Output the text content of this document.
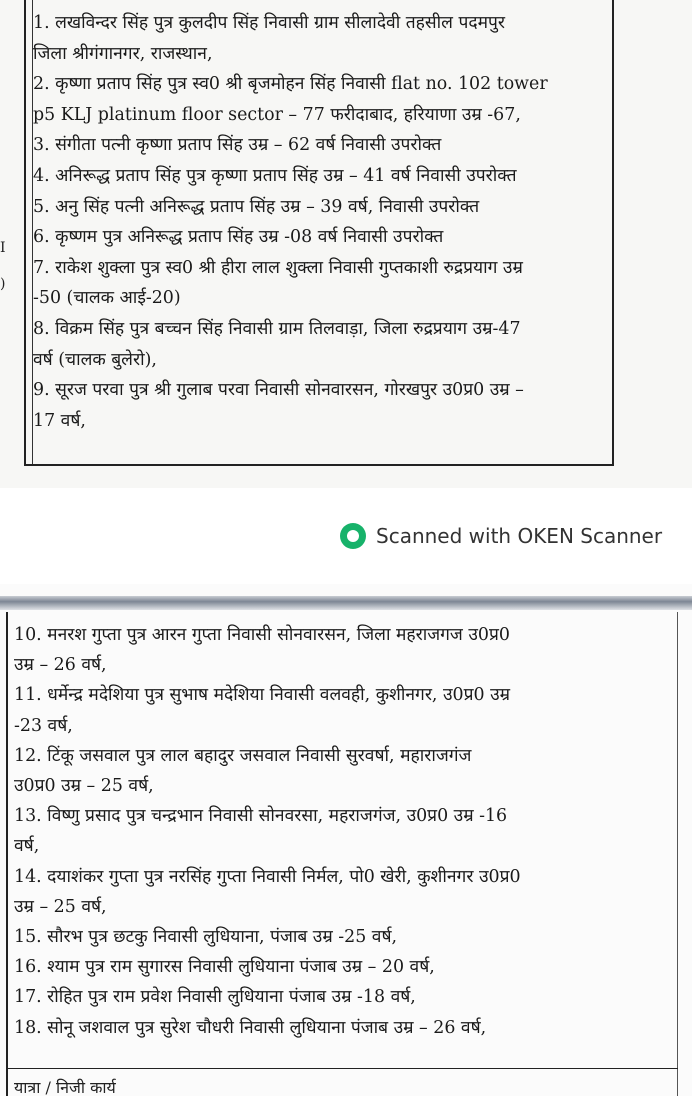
I
)
1. लखविन्दर सिंह पुत्र कुलदीप सिंह निवासी ग्राम सीलादेवी तहसील पदमपुर
जिला श्रीगंगानगर, राजस्थान,
2. कृष्णा प्रताप सिंह पुत्र स्व0 श्री बृजमोहन सिंह निवासी flat no. 102 tower
p5 KLJ platinum floor sector – 77 फरीदाबाद, हरियाणा उम्र -67,
3. संगीता पत्नी कृष्णा प्रताप सिंह उम्र – 62 वर्ष निवासी उपरोक्त
4. अनिरूद्ध प्रताप सिंह पुत्र कृष्णा प्रताप सिंह उम्र – 41 वर्ष निवासी उपरोक्त
5. अनु सिंह पत्नी अनिरूद्ध प्रताप सिंह उम्र – 39 वर्ष, निवासी उपरोक्त
6. कृष्णम पुत्र अनिरूद्ध प्रताप सिंह उम्र -08 वर्ष निवासी उपरोक्त
7. राकेश शुक्ला पुत्र स्व0 श्री हीरा लाल शुक्ला निवासी गुप्तकाशी रुद्रप्रयाग उम्र
-50 (चालक आई-20)
8. विक्रम सिंह पुत्र बच्चन सिंह निवासी ग्राम तिलवाड़ा, जिला रुद्रप्रयाग उम्र-47
वर्ष (चालक बुलेरो),
9. सूरज परवा पुत्र श्री गुलाब परवा निवासी सोनवारसन, गोरखपुर उ0प्र0 उम्र –
17 वर्ष,
Scanned with OKEN Scanner
10. मनरश गुप्ता पुत्र आरन गुप्ता निवासी सोनवारसन, जिला महराजगज उ0प्र0
उम्र – 26 वर्ष,
11. धर्मेन्द्र मदेशिया पुत्र सुभाष मदेशिया निवासी वलवही, कुशीनगर, उ0प्र0 उम्र
-23 वर्ष,
12. टिंकू जसवाल पुत्र लाल बहादुर जसवाल निवासी सुरवर्षा, महाराजगंज
उ0प्र0 उम्र – 25 वर्ष,
13. विष्णु प्रसाद पुत्र चन्द्रभान निवासी सोनवरसा, महराजगंज, उ0प्र0 उम्र -16
वर्ष,
14. दयाशंकर गुप्ता पुत्र नरसिंह गुप्ता निवासी निर्मल, पो0 खेरी, कुशीनगर उ0प्र0
उम्र – 25 वर्ष,
15. सौरभ पुत्र छटकु निवासी लुधियाना, पंजाब उम्र -25 वर्ष,
16. श्याम पुत्र राम सुगारस निवासी लुधियाना पंजाब उम्र – 20 वर्ष,
17. रोहित पुत्र राम प्रवेश निवासी लुधियाना पंजाब उम्र -18 वर्ष,
18. सोनू जशवाल पुत्र सुरेश चौधरी निवासी लुधियाना पंजाब उम्र – 26 वर्ष,
यात्रा / निजी कार्य
